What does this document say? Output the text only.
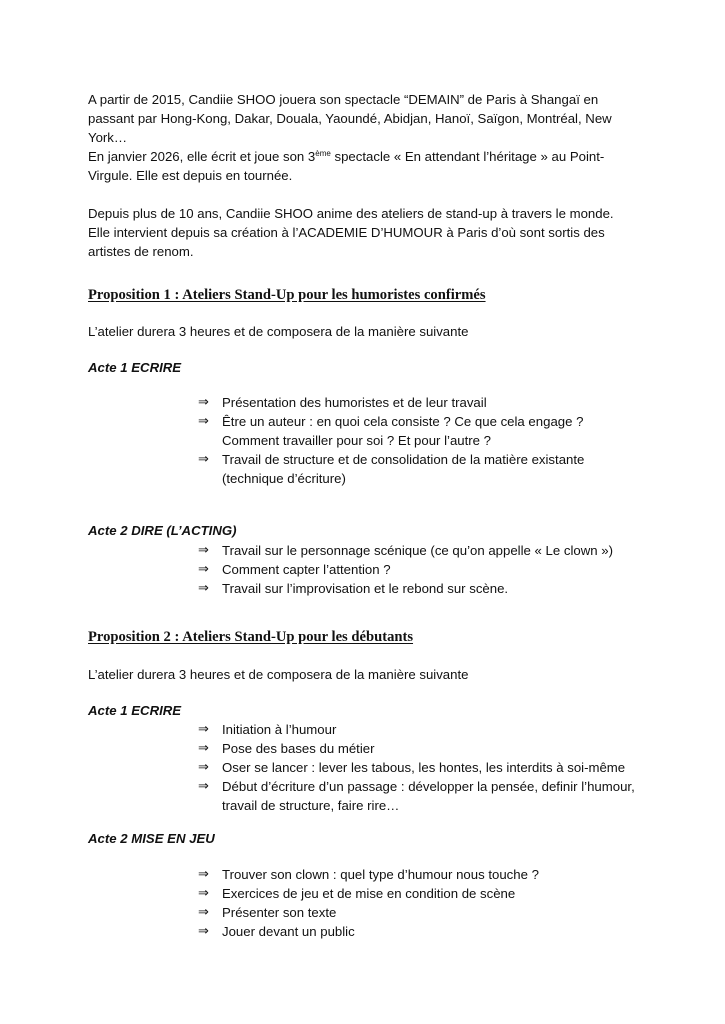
A partir de 2015, Candiie SHOO jouera son spectacle “DEMAIN” de Paris à Shangaï en
passant par Hong-Kong, Dakar, Douala, Yaoundé, Abidjan, Hanoï, Saïgon, Montréal, New
York…
En janvier 2026, elle écrit et joue son 3ème spectacle « En attendant l’héritage » au Point-
Virgule. Elle est depuis en tournée.
Depuis plus de 10 ans, Candiie SHOO anime des ateliers de stand-up à travers le monde.
Elle intervient depuis sa création à l’ACADEMIE D’HUMOUR à Paris d’où sont sortis des
artistes de renom.
Proposition 1 : Ateliers Stand-Up pour les humoristes confirmés
L’atelier durera 3 heures et de composera de la manière suivante
Acte 1 ECRIRE
⇒ Présentation des humoristes et de leur travail
⇒ Être un auteur : en quoi cela consiste ? Ce que cela engage ? Comment travailler pour soi ? Et pour l’autre ?
⇒ Travail de structure et de consolidation de la matière existante (technique d’écriture)
Acte 2 DIRE (L’ACTING)
⇒ Travail sur le personnage scénique (ce qu’on appelle « Le clown »)
⇒ Comment capter l’attention ?
⇒ Travail sur l’improvisation et le rebond sur scène.
Proposition 2 : Ateliers Stand-Up pour les débutants
L’atelier durera 3 heures et de composera de la manière suivante
Acte 1 ECRIRE
⇒ Initiation à l’humour
⇒ Pose des bases du métier
⇒ Oser se lancer : lever les tabous, les hontes, les interdits à soi-même
⇒ Début d’écriture d’un passage : développer la pensée, definir l’humour, travail de structure, faire rire…
Acte 2 MISE EN JEU
⇒ Trouver son clown : quel type d’humour nous touche ?
⇒ Exercices de jeu et de mise en condition de scène
⇒ Présenter son texte
⇒ Jouer devant un public
